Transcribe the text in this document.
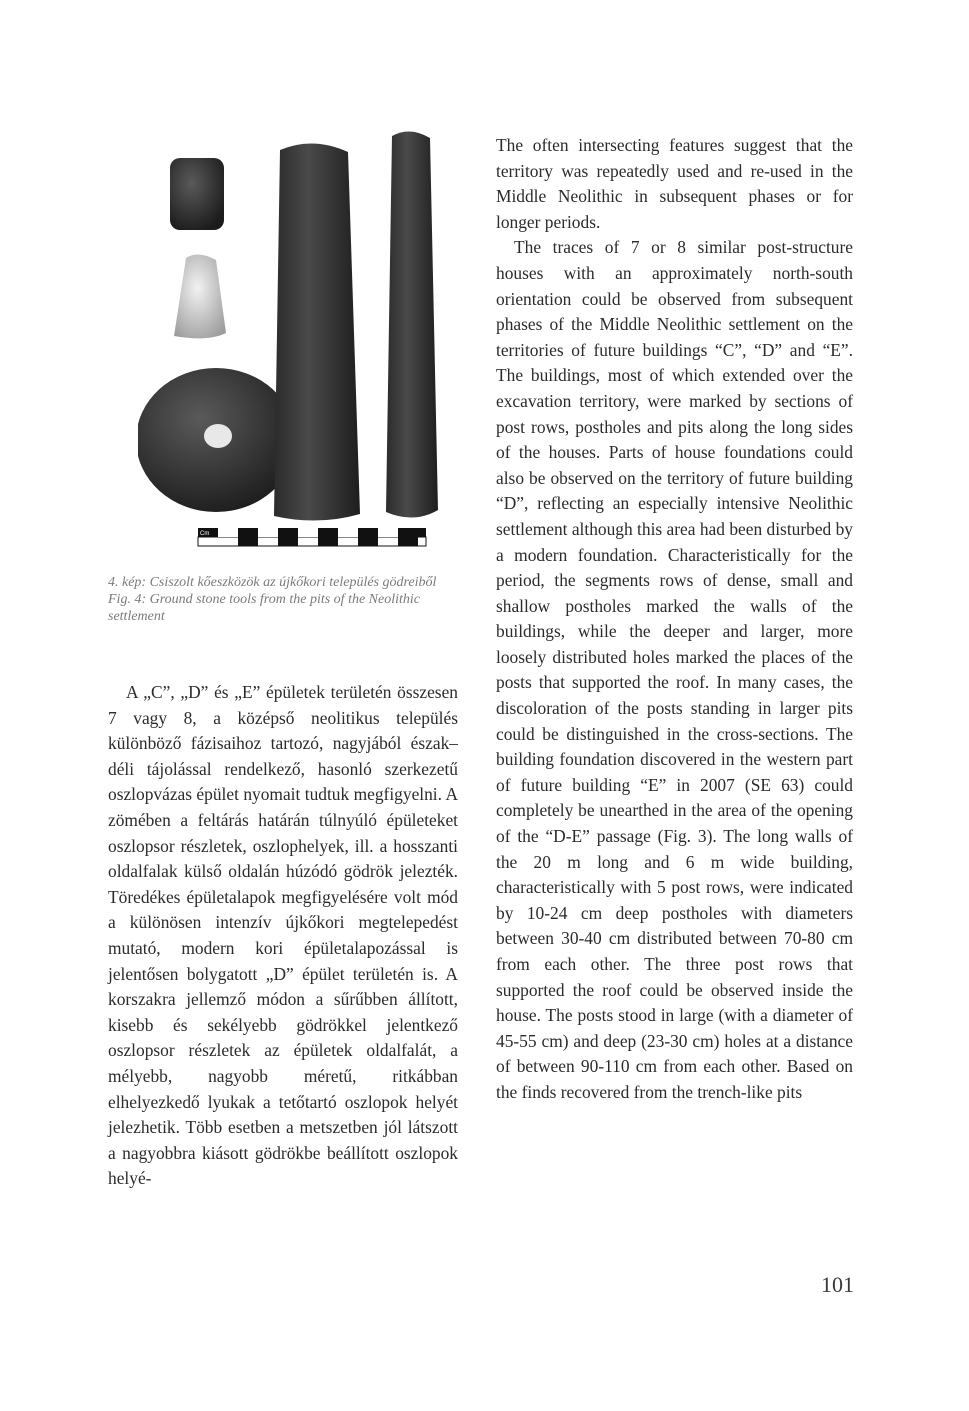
Cm

4. kép: Csiszolt kőeszközök az újkőkori település gödreiből

Fig. 4: Ground stone tools from the pits of the Neolithic settlement

A „C”, „D” és „E” épületek területén összesen 7 vagy 8, a középső neolitikus település különböző fázisaihoz tartozó, nagyjából észak–déli tájolással rendelkező, hasonló szerkezetű oszlopvázas épület nyomait tudtuk megfigyelni. A zömében a feltárás határán túlnyúló épületeket oszlopsor részletek, oszlophelyek, ill. a hosszanti oldalfalak külső oldalán húzódó gödrök jelezték. Töredékes épületalapok megfigyelésére volt mód a különösen intenzív újkőkori megtelepedést mutató, modern kori épületalapozással is jelentősen bolygatott „D” épület területén is. A korszakra jellemző módon a sűrűbben állított, kisebb és sekélyebb gödrökkel jelentkező oszlopsor részletek az épületek oldalfalát, a mélyebb, nagyobb méretű, ritkábban elhelyezkedő lyukak a tetőtartó oszlopok helyét jelezhetik. Több esetben a metszetben jól látszott a nagyobbra kiásott gödrökbe beállított oszlopok helyé-

The often intersecting features suggest that the territory was repeatedly used and re-used in the Middle Neolithic in subsequent phases or for longer periods.

The traces of 7 or 8 similar post-structure houses with an approximately north-south orientation could be observed from subsequent phases of the Middle Neolithic settlement on the territories of future buildings “C”, “D” and “E”. The buildings, most of which extended over the excavation territory, were marked by sections of post rows, postholes and pits along the long sides of the houses. Parts of house foundations could also be observed on the territory of future building “D”, reflecting an especially intensive Neolithic settlement although this area had been disturbed by a modern foundation. Characteristically for the period, the segments rows of dense, small and shallow postholes marked the walls of the buildings, while the deeper and larger, more loosely distributed holes marked the places of the posts that supported the roof. In many cases, the discoloration of the posts standing in larger pits could be distinguished in the cross-sections. The building foundation discovered in the western part of future building “E” in 2007 (SE 63) could completely be unearthed in the area of the opening of the “D-E” passage (Fig. 3). The long walls of the 20 m long and 6 m wide building, characteristically with 5 post rows, were indicated by 10-24 cm deep postholes with diameters between 30-40 cm distributed between 70-80 cm from each other. The three post rows that supported the roof could be observed inside the house. The posts stood in large (with a diameter of 45-55 cm) and deep (23-30 cm) holes at a distance of between 90-110 cm from each other. Based on the finds recovered from the trench-like pits

101
